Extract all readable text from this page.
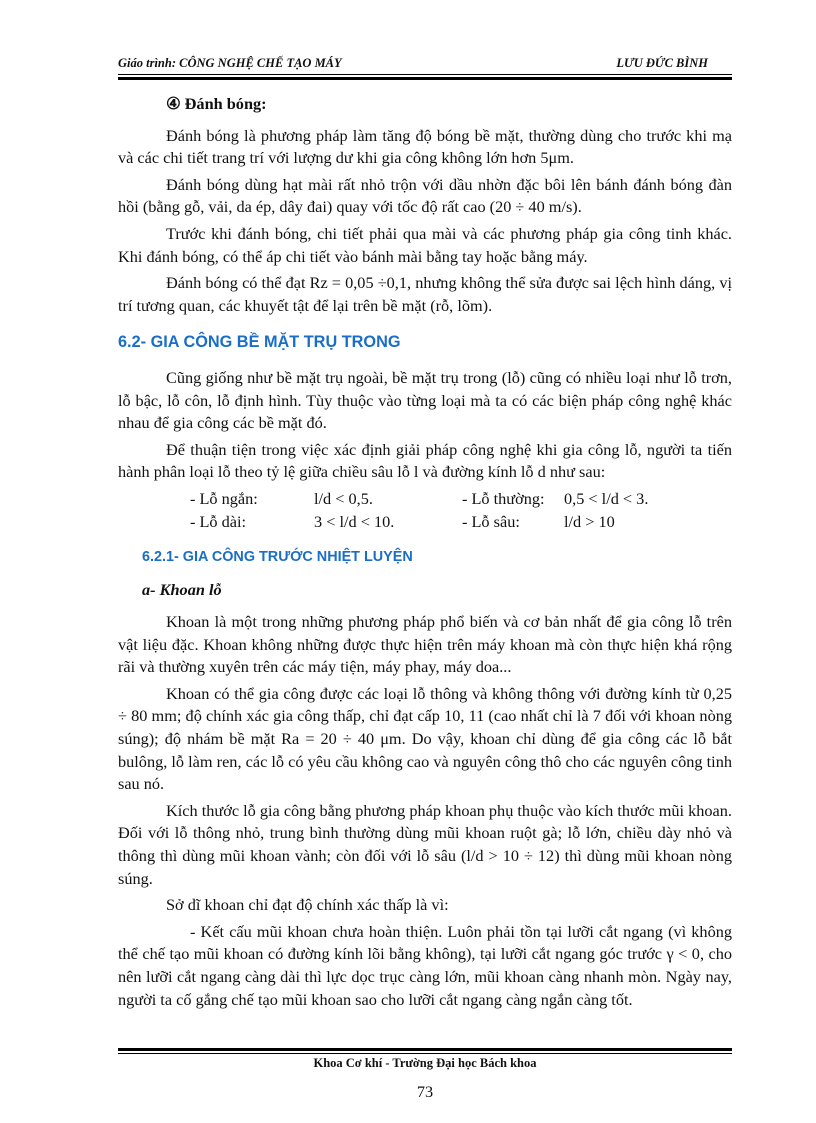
Giáo trình: CÔNG NGHỆ CHẾ TẠO MÁY	LƯU ĐỨC BÌNH
④ Đánh bóng:

Đánh bóng là phương pháp làm tăng độ bóng bề mặt, thường dùng cho trước khi mạ và các chi tiết trang trí với lượng dư khi gia công không lớn hơn 5μm.

Đánh bóng dùng hạt mài rất nhỏ trộn với dầu nhờn đặc bôi lên bánh đánh bóng đàn hồi (bằng gỗ, vải, da ép, dây đai) quay với tốc độ rất cao (20 ÷ 40 m/s).

Trước khi đánh bóng, chi tiết phải qua mài và các phương pháp gia công tinh khác. Khi đánh bóng, có thể áp chi tiết vào bánh mài bằng tay hoặc bằng máy.

Đánh bóng có thể đạt Rz = 0,05 ÷0,1, nhưng không thể sửa được sai lệch hình dáng, vị trí tương quan, các khuyết tật để lại trên bề mặt (rỗ, lõm).

6.2- GIA CÔNG BỀ MẶT TRỤ TRONG

Cũng giống như bề mặt trụ ngoài, bề mặt trụ trong (lỗ) cũng có nhiều loại như lỗ trơn, lỗ bậc, lỗ côn, lỗ định hình. Tùy thuộc vào từng loại mà ta có các biện pháp công nghệ khác nhau để gia công các bề mặt đó.

Để thuận tiện trong việc xác định giải pháp công nghệ khi gia công lỗ, người ta tiến hành phân loại lỗ theo tỷ lệ giữa chiều sâu lỗ l và đường kính lỗ d như sau:

- Lỗ ngắn:	l/d < 0,5.	- Lỗ thường: 0,5 < l/d < 3.
- Lỗ dài:	3 < l/d < 10.	- Lỗ sâu:	l/d > 10
6.2.1- GIA CÔNG TRƯỚC NHIỆT LUYỆN
a- Khoan lỗ

Khoan là một trong những phương pháp phổ biến và cơ bản nhất để gia công lỗ trên vật liệu đặc. Khoan không những được thực hiện trên máy khoan mà còn thực hiện khá rộng rãi và thường xuyên trên các máy tiện, máy phay, máy doa...

Khoan có thể gia công được các loại lỗ thông và không thông với đường kính từ 0,25 ÷ 80 mm; độ chính xác gia công thấp, chỉ đạt cấp 10, 11 (cao nhất chỉ là 7 đối với khoan nòng súng); độ nhám bề mặt Ra = 20 ÷ 40 μm. Do vậy, khoan chỉ dùng để gia công các lỗ bắt bulông, lỗ làm ren, các lỗ có yêu cầu không cao và nguyên công thô cho các nguyên công tinh sau nó.

Kích thước lỗ gia công bằng phương pháp khoan phụ thuộc vào kích thước mũi khoan. Đối với lỗ thông nhỏ, trung bình thường dùng mũi khoan ruột gà; lỗ lớn, chiều dày nhỏ và thông thì dùng mũi khoan vành; còn đối với lỗ sâu (l/d > 10 ÷ 12) thì dùng mũi khoan nòng súng.

Sở dĩ khoan chỉ đạt độ chính xác thấp là vì:

- Kết cấu mũi khoan chưa hoàn thiện. Luôn phải tồn tại lưỡi cắt ngang (vì không thể chế tạo mũi khoan có đường kính lõi bằng không), tại lưỡi cắt ngang góc trước γ < 0, cho nên lưỡi cắt ngang càng dài thì lực dọc trục càng lớn, mũi khoan càng nhanh mòn. Ngày nay, người ta cố gắng chế tạo mũi khoan sao cho lưỡi cắt ngang càng ngắn càng tốt.

Khoa Cơ khí - Trường Đại học Bách khoa
73
